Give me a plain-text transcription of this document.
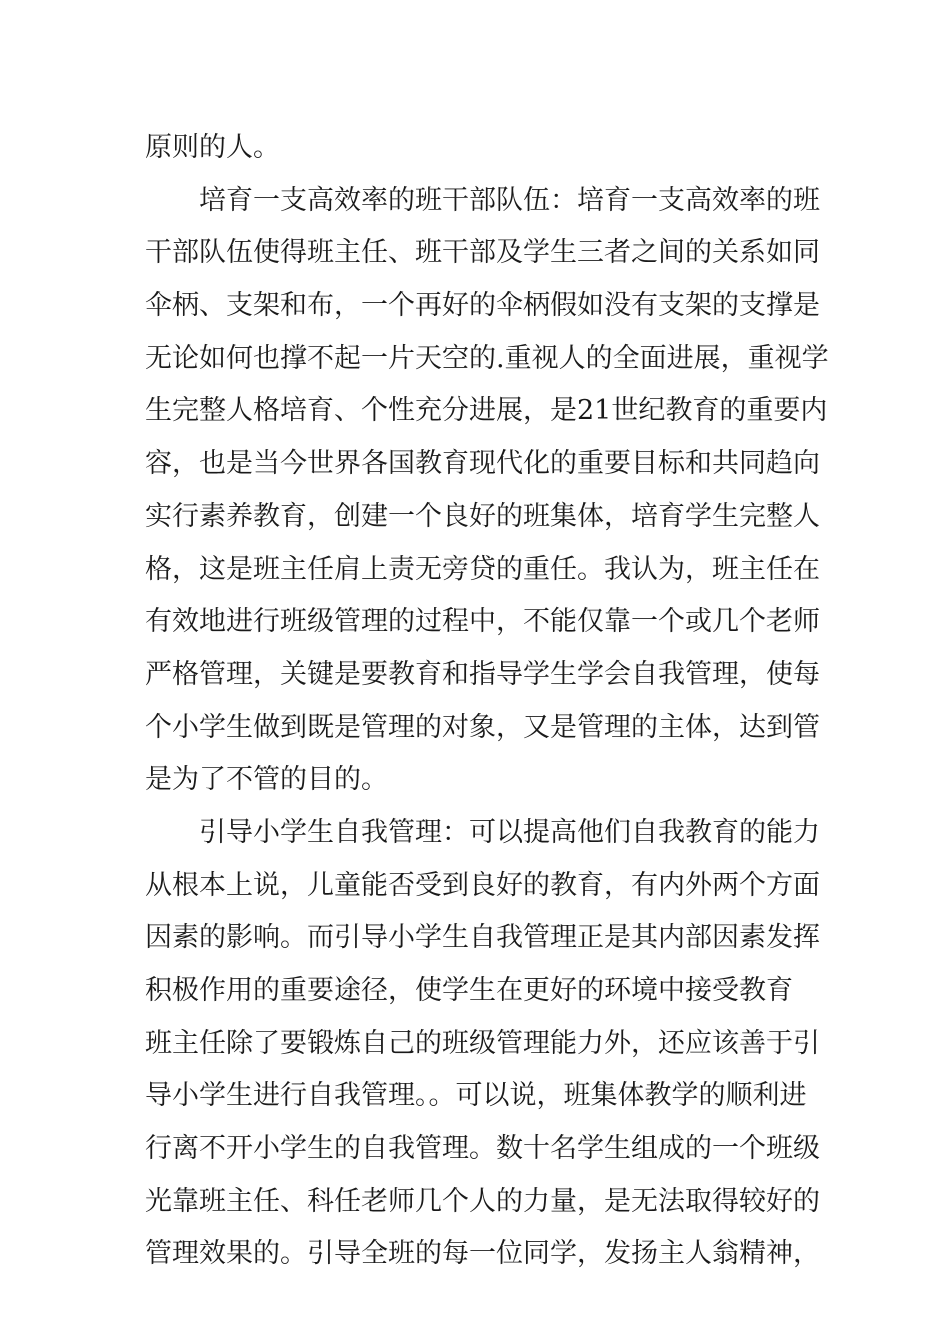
原则的人。
培育一支高效率的班干部队伍：培育一支高效率的班
干部队伍使得班主任、班干部及学生三者之间的关系如同
伞柄、支架和布，一个再好的伞柄假如没有支架的支撑是
无论如何也撑不起一片天空的.重视人的全面进展，重视学
生完整人格培育、个性充分进展，是21世纪教育的重要内
容，也是当今世界各国教育现代化的重要目标和共同趋向
实行素养教育，创建一个良好的班集体，培育学生完整人
格，这是班主任肩上责无旁贷的重任。我认为，班主任在
有效地进行班级管理的过程中，不能仅靠一个或几个老师
严格管理，关键是要教育和指导学生学会自我管理，使每
个小学生做到既是管理的对象，又是管理的主体，达到管
是为了不管的目的。
引导小学生自我管理：可以提高他们自我教育的能力
从根本上说，儿童能否受到良好的教育，有内外两个方面
因素的影响。而引导小学生自我管理正是其内部因素发挥
积极作用的重要途径，使学生在更好的环境中接受教育
班主任除了要锻炼自己的班级管理能力外，还应该善于引
导小学生进行自我管理。。可以说，班集体教学的顺利进
行离不开小学生的自我管理。数十名学生组成的一个班级
光靠班主任、科任老师几个人的力量，是无法取得较好的
管理效果的。引导全班的每一位同学，发扬主人翁精神，
